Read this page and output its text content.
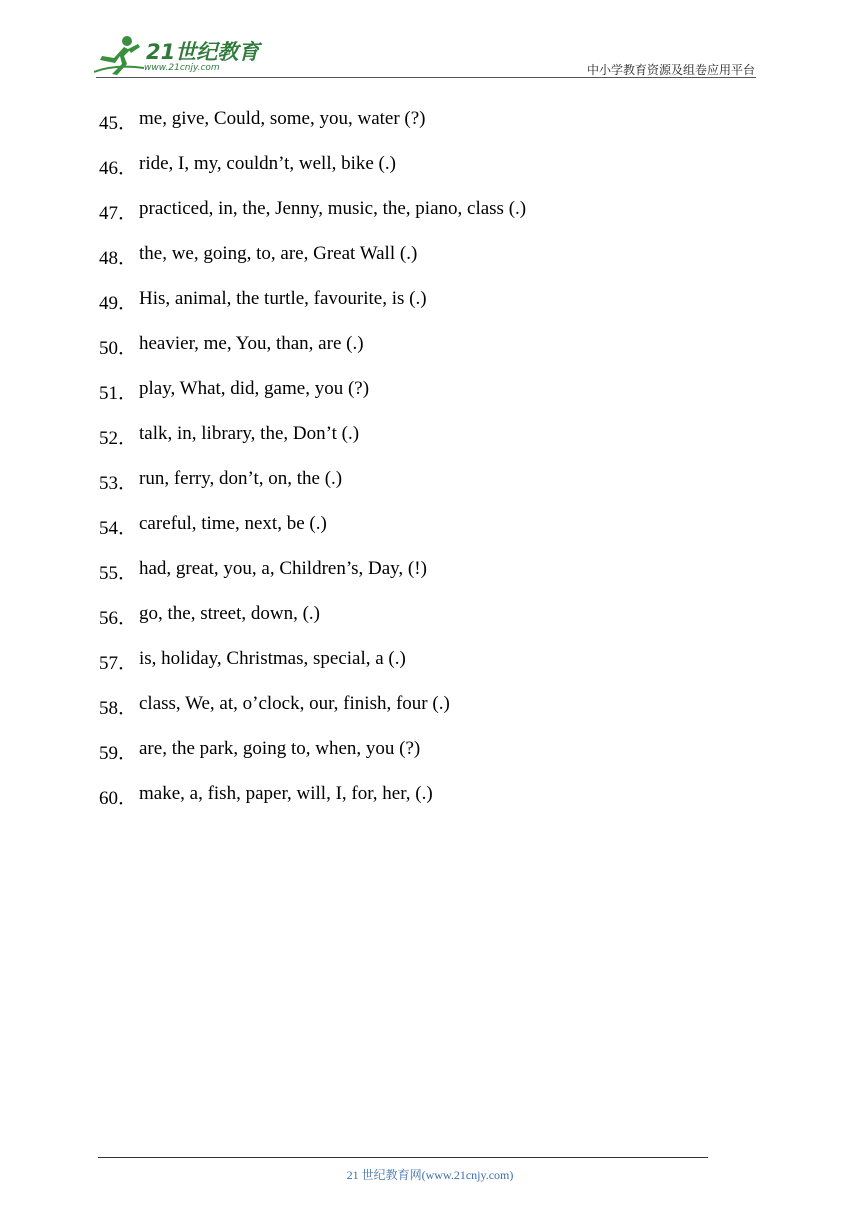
21世纪教育
www.21cnjy.com	中小学教育资源及组卷应用平台
45． me, give, Could, some, you, water (?)
46． ride, I, my, couldn’t, well, bike (.)
47． practiced, in, the, Jenny, music, the, piano, class (.)
48． the, we, going, to, are, Great Wall (.)
49． His, animal, the turtle, favourite, is (.)
50． heavier, me, You, than, are (.)
51． play, What, did, game, you (?)
52． talk, in, library, the, Don’t (.)
53． run, ferry, don’t, on, the (.)
54． careful, time, next, be (.)
55． had, great, you, a, Children’s, Day, (!)
56． go, the, street, down, (.)
57． is, holiday, Christmas, special, a (.)
58． class, We, at, o’clock, our, finish, four (.)
59． are, the park, going to, when, you (?)
60． make, a, fish, paper, will, I, for, her, (.)
21 世纪教育网(www.21cnjy.com)
